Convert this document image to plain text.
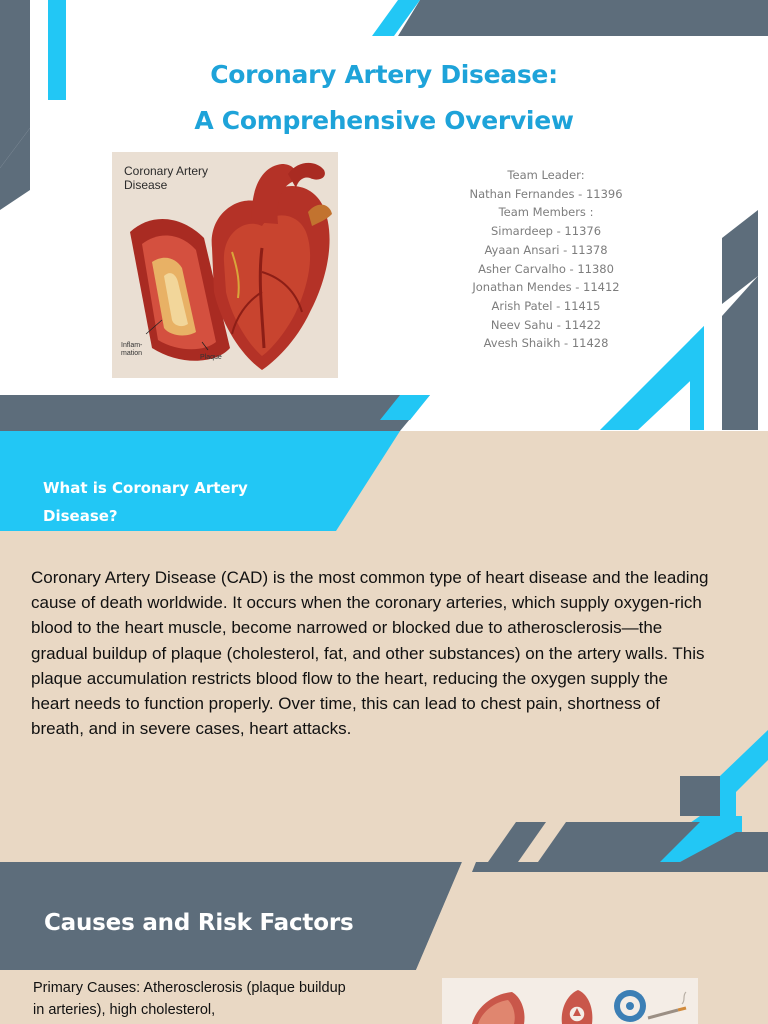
Coronary Artery Disease:
A Comprehensive Overview
Coronary Artery Disease
Inflam-
mation
Plaque
Team Leader:
Nathan Fernandes - 11396
Team Members :
Simardeep - 11376
Ayaan Ansari - 11378
Asher Carvalho - 11380
Jonathan Mendes - 11412
Arish Patel - 11415
Neev Sahu - 11422
Avesh Shaikh - 11428
What is Coronary Artery Disease?
Coronary Artery Disease (CAD) is the most common type of heart disease and the leading cause of death worldwide. It occurs when the coronary arteries, which supply oxygen-rich blood to the heart muscle, become narrowed or blocked due to atherosclerosis—the gradual buildup of plaque (cholesterol, fat, and other substances) on the artery walls. This plaque accumulation restricts blood flow to the heart, reducing the oxygen supply the heart needs to function properly. Over time, this can lead to chest pain, shortness of breath, and in severe cases, heart attacks.
Causes and Risk Factors
Primary Causes: Atherosclerosis (plaque buildup in arteries), high cholesterol,
